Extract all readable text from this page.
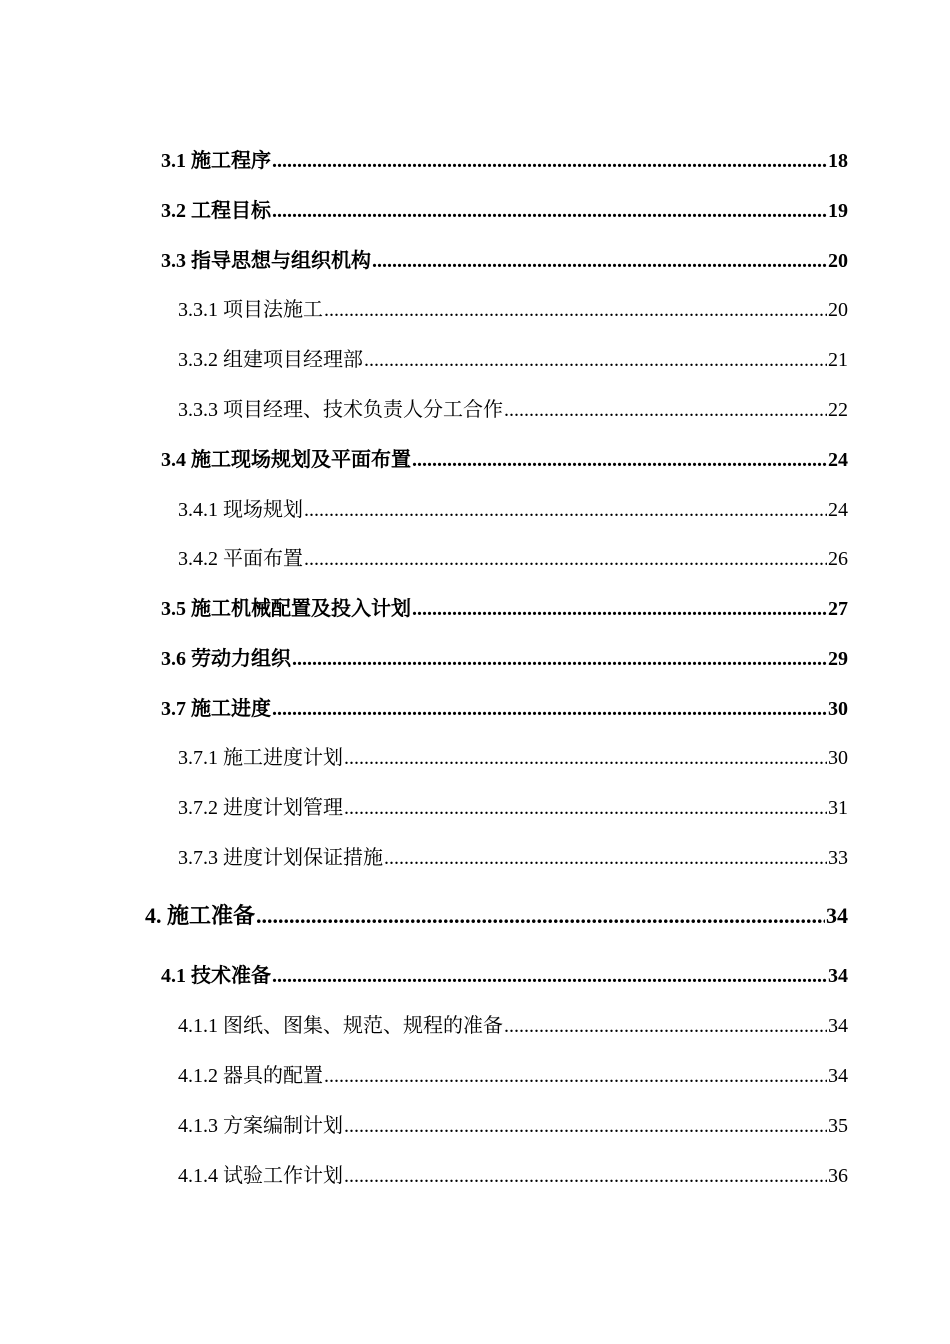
3.1 施工程序 .....	18
3.2 工程目标 .....	19
3.3 指导思想与组织机构 .....	20
3.3.1 项目法施工 .....	20
3.3.2 组建项目经理部 .....	21
3.3.3 项目经理、技术负责人分工合作 .....	22
3.4 施工现场规划及平面布置 .....	24
3.4.1 现场规划 .....	24
3.4.2 平面布置 .....	26
3.5 施工机械配置及投入计划 .....	27
3.6 劳动力组织 .....	29
3.7 施工进度 .....	30
3.7.1 施工进度计划 .....	30
3.7.2 进度计划管理 .....	31
3.7.3 进度计划保证措施 .....	33
4. 施工准备 .....	34
4.1 技术准备 .....	34
4.1.1 图纸、图集、规范、规程的准备 .....	34
4.1.2 器具的配置 .....	34
4.1.3 方案编制计划 .....	35
4.1.4 试验工作计划 .....	36
